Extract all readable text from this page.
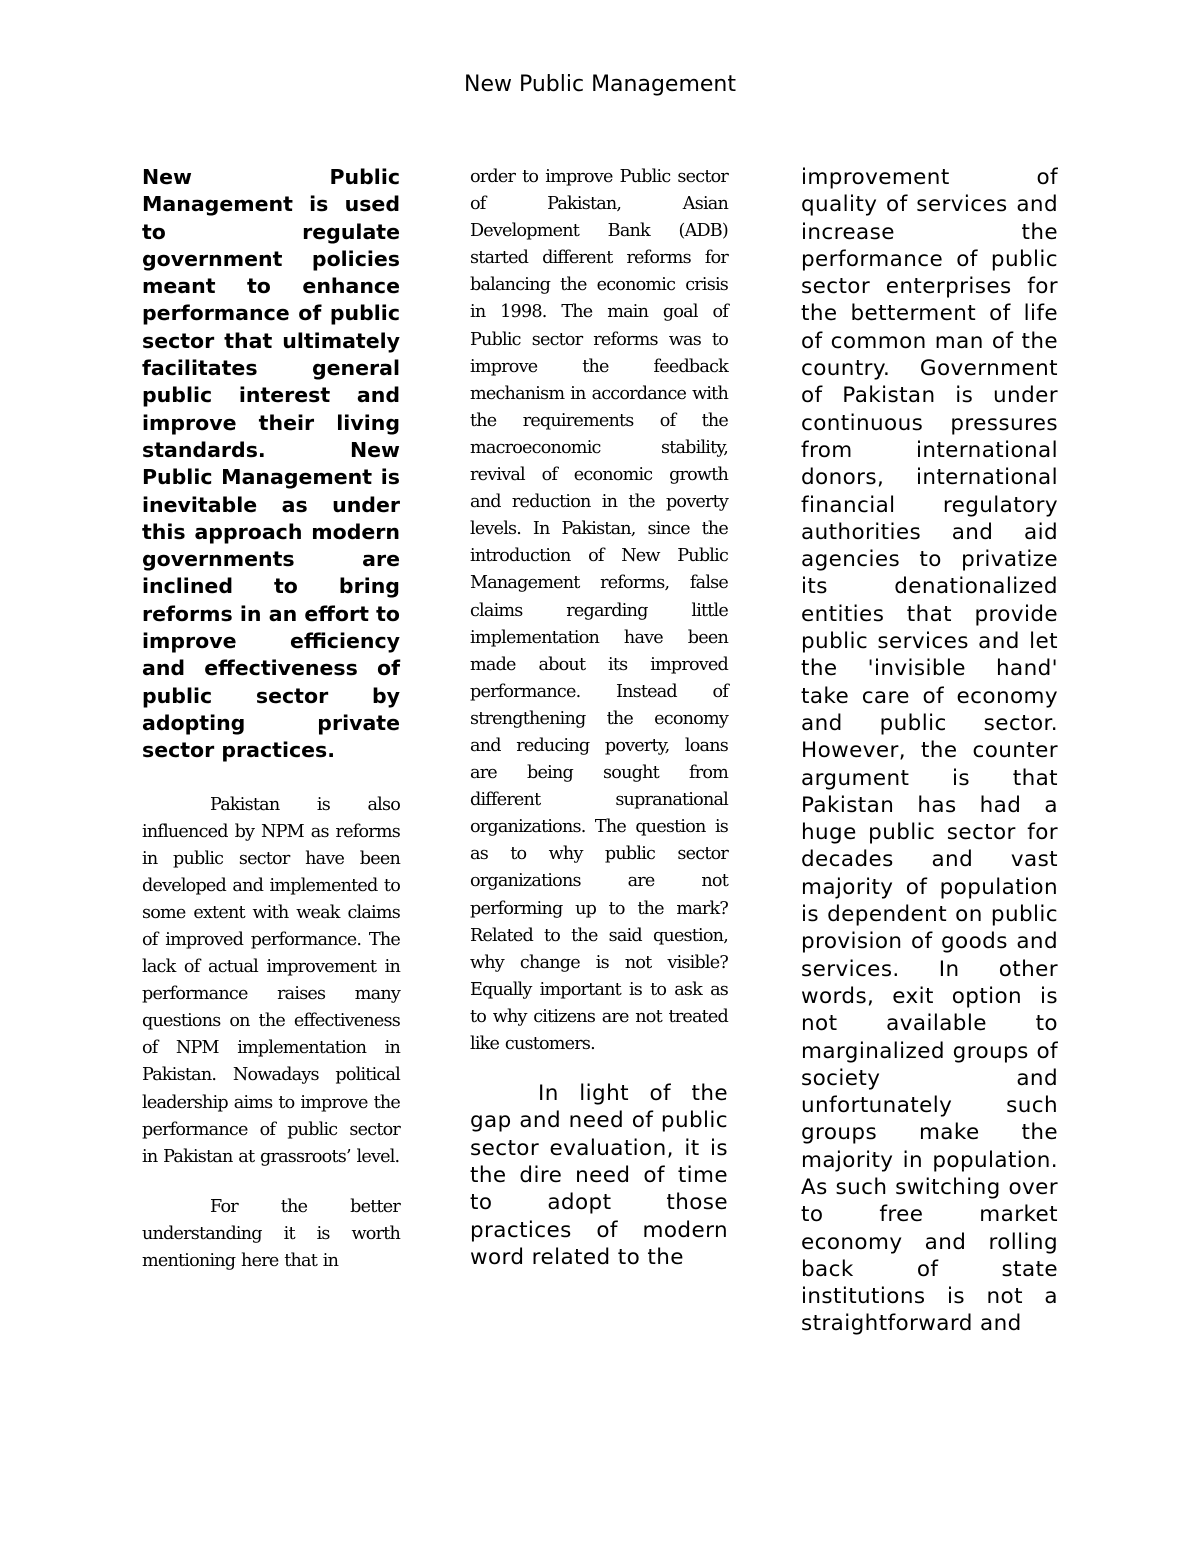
New Public Management

New Public Management is used to regulate government policies meant to enhance performance of public sector that ultimately facilitates general public interest and improve their living standards. New Public Management is inevitable as under this approach modern governments are inclined to bring reforms in an effort to improve efficiency and effectiveness of public sector by adopting private sector practices.

Pakistan is also influenced by NPM as reforms in public sector have been developed and implemented to some extent with weak claims of improved performance. The lack of actual improvement in performance raises many questions on the effectiveness of NPM implementation in Pakistan. Nowadays political leadership aims to improve the performance of public sector in Pakistan at grassroots’ level.

For the better understanding it is worth mentioning here that in

order to improve Public sector of Pakistan, Asian Development Bank (ADB) started different reforms for balancing the economic crisis in 1998. The main goal of Public sector reforms was to improve the feedback mechanism in accordance with the requirements of the macroeconomic stability, revival of economic growth and reduction in the poverty levels. In Pakistan, since the introduction of New Public Management reforms, false claims regarding little implementation have been made about its improved performance. Instead of strengthening the economy and reducing poverty, loans are being sought from different supranational organizations. The question is as to why public sector organizations are not performing up to the mark? Related to the said question, why change is not visible? Equally important is to ask as to why citizens are not treated like customers.

In light of the gap and need of public sector evaluation, it is the dire need of time to adopt those practices of modern word related to the

improvement of quality of services and increase the performance of public sector enterprises for the betterment of life of common man of the country. Government of Pakistan is under continuous pressures from international donors, international financial regulatory authorities and aid agencies to privatize its denationalized entities that provide public services and let the 'invisible hand' take care of economy and public sector. However, the counter argument is that Pakistan has had a huge public sector for decades and vast majority of population is dependent on public provision of goods and services. In other words, exit option is not available to marginalized groups of society and unfortunately such groups make the majority in population. As such switching over to free market economy and rolling back of state institutions is not a straightforward and
